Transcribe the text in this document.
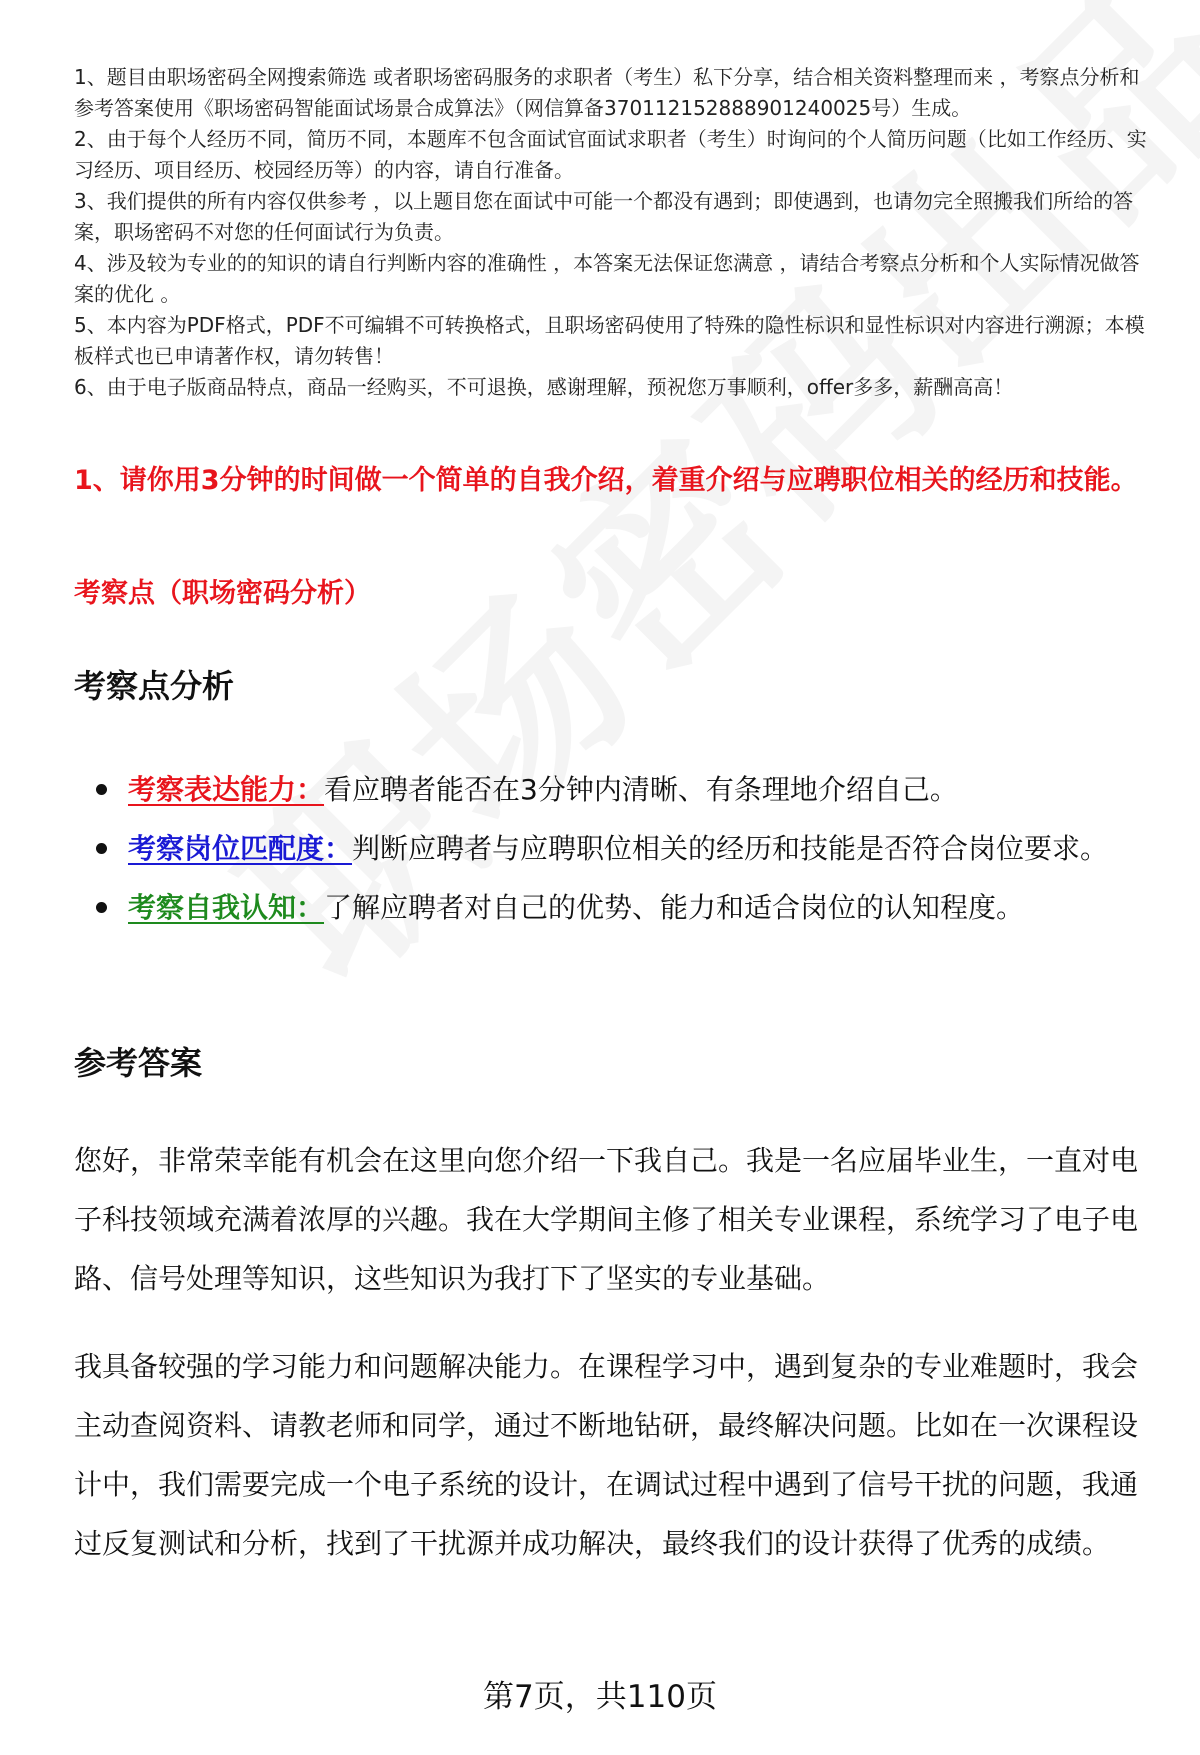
1、题目由职场密码全网搜索筛选 或者职场密码服务的求职者（考生）私下分享，结合相关资料整理而来 ，考察点分析和参考答案使用《职场密码智能面试场景合成算法》（网信算备370112152888901240025号）生成。

2、由于每个人经历不同，简历不同，本题库不包含面试官面试求职者（考生）时询问的个人简历问题（比如工作经历、实习经历、项目经历、校园经历等）的内容，请自行准备。

3、我们提供的所有内容仅供参考 ，以上题目您在面试中可能一个都没有遇到；即使遇到，也请勿完全照搬我们所给的答案，职场密码不对您的任何面试行为负责。

4、涉及较为专业的的知识的请自行判断内容的准确性 ，本答案无法保证您满意 ，请结合考察点分析和个人实际情况做答案的优化 。

5、本内容为PDF格式，PDF不可编辑不可转换格式，且职场密码使用了特殊的隐性标识和显性标识对内容进行溯源；本模板样式也已申请著作权，请勿转售！

6、由于电子版商品特点，商品一经购买，不可退换，感谢理解，预祝您万事顺利，offer多多，薪酬高高！

1、请你用3分钟的时间做一个简单的自我介绍，着重介绍与应聘职位相关的经历和技能。
考察点（职场密码分析）
考察点分析
考察表达能力：看应聘者能否在3分钟内清晰、有条理地介绍自己。
考察岗位匹配度：判断应聘者与应聘职位相关的经历和技能是否符合岗位要求。
考察自我认知：了解应聘者对自己的优势、能力和适合岗位的认知程度。
参考答案

您好，非常荣幸能有机会在这里向您介绍一下我自己。我是一名应届毕业生，一直对电子科技领域充满着浓厚的兴趣。我在大学期间主修了相关专业课程，系统学习了电子电路、信号处理等知识，这些知识为我打下了坚实的专业基础。

我具备较强的学习能力和问题解决能力。在课程学习中，遇到复杂的专业难题时，我会主动查阅资料、请教老师和同学，通过不断地钻研，最终解决问题。比如在一次课程设计中，我们需要完成一个电子系统的设计，在调试过程中遇到了信号干扰的问题，我通过反复测试和分析，找到了干扰源并成功解决，最终我们的设计获得了优秀的成绩。

第7页，共110页
